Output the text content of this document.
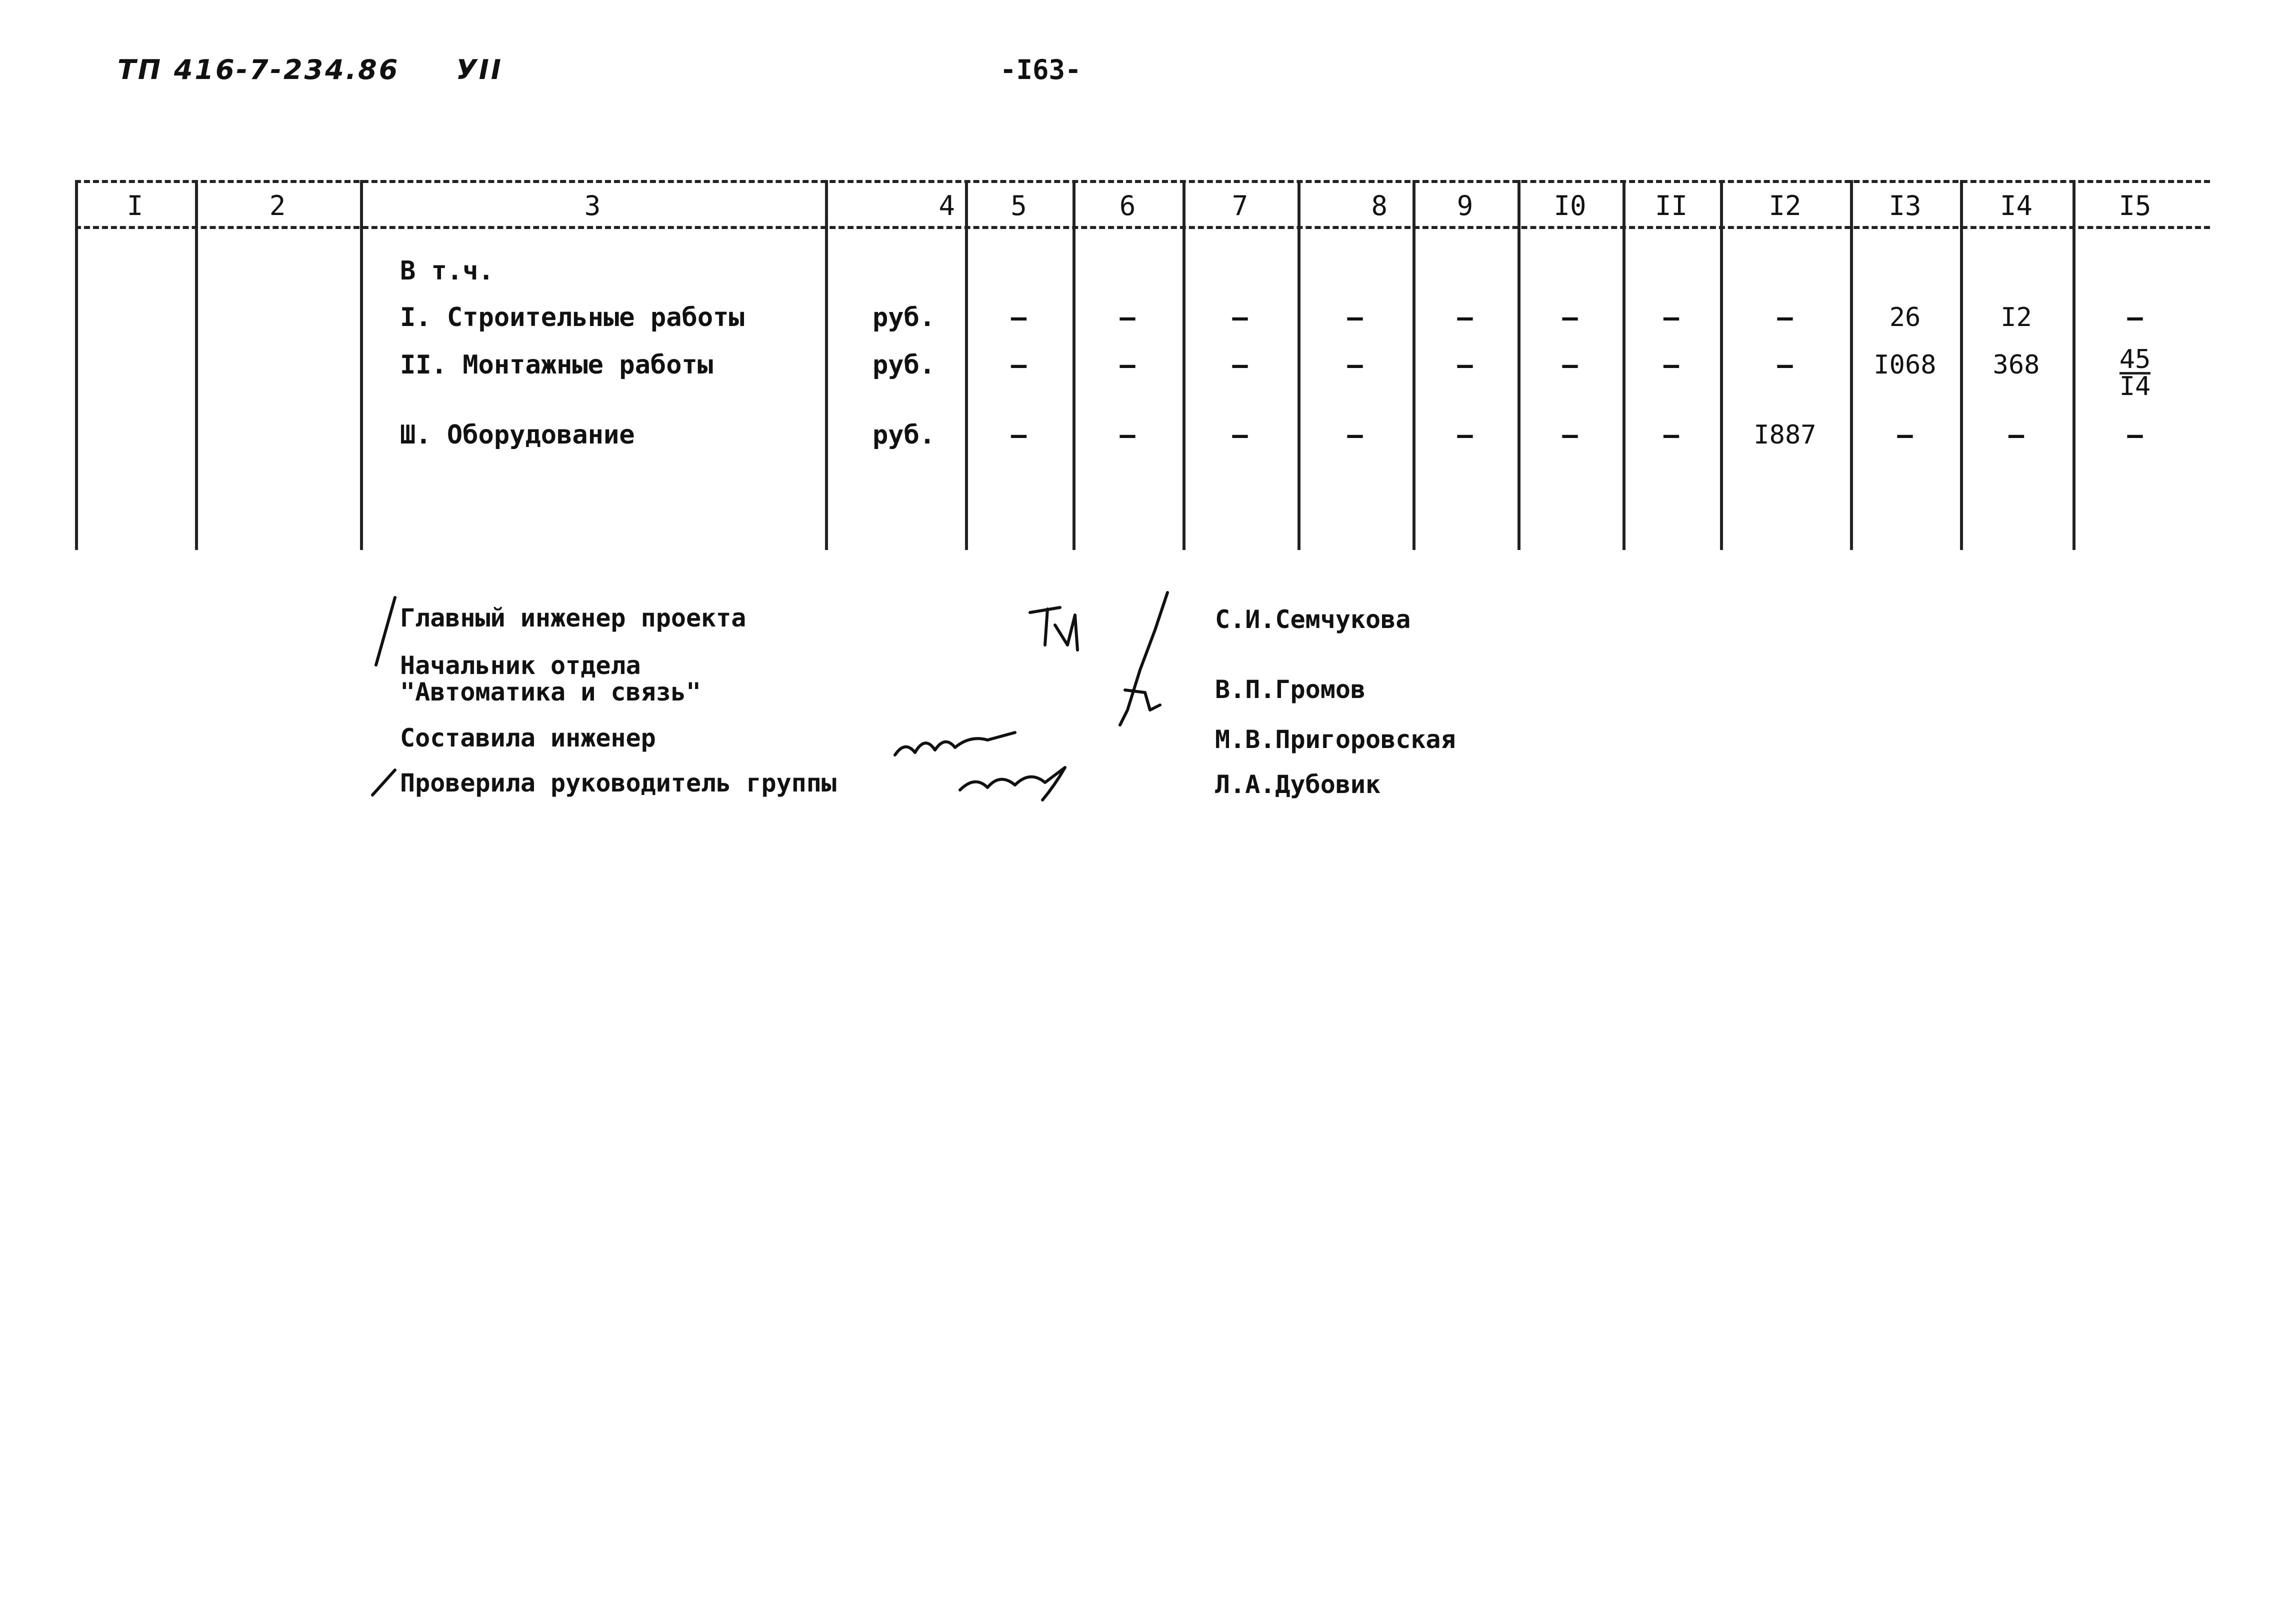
ТП 416-7-234.86 УII	-I63-
I	2	3	4	5	6	7	8	9	I0	II	I2	I3	I4	I5
В т.ч.
I. Строительные работы	руб.	–	–	–	–	–	–	–	–	26	I2	–
II. Монтажные работы	руб.	–	–	–	–	–	–	–	–	I068	368	$\frac{45}{I4}$
Ш. Оборудование	руб.	–	–	–	–	–	–	–	I887	–	–	–
Главный инженер проекта	С.И.Семчукова
Начальник отдела
"Автоматика и связь"	В.П.Громов
Составила инженер	М.В.Пригоровская
Проверила руководитель группы	Л.А.Дубовик
